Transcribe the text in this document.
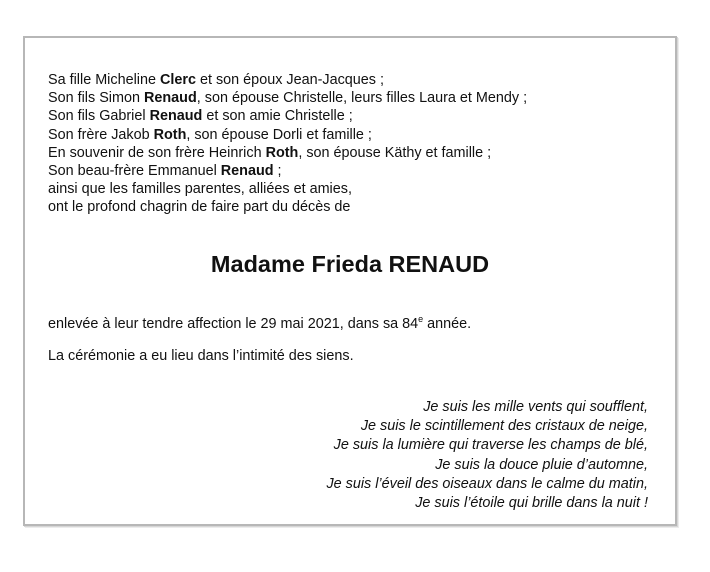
Sa fille Micheline Clerc et son époux Jean-Jacques ;
Son fils Simon Renaud, son épouse Christelle, leurs filles Laura et Mendy ;
Son fils Gabriel Renaud et son amie Christelle ;
Son frère Jakob Roth, son épouse Dorli et famille ;
En souvenir de son frère Heinrich Roth, son épouse Käthy et famille ;
Son beau-frère Emmanuel Renaud ;
ainsi que les familles parentes, alliées et amies,
ont le profond chagrin de faire part du décès de
Madame Frieda RENAUD
enlevée à leur tendre affection le 29 mai 2021, dans sa 84e année.
La cérémonie a eu lieu dans l’intimité des siens.
Je suis les mille vents qui soufflent,
Je suis le scintillement des cristaux de neige,
Je suis la lumière qui traverse les champs de blé,
Je suis la douce pluie d’automne,
Je suis l’éveil des oiseaux dans le calme du matin,
Je suis l’étoile qui brille dans la nuit !
